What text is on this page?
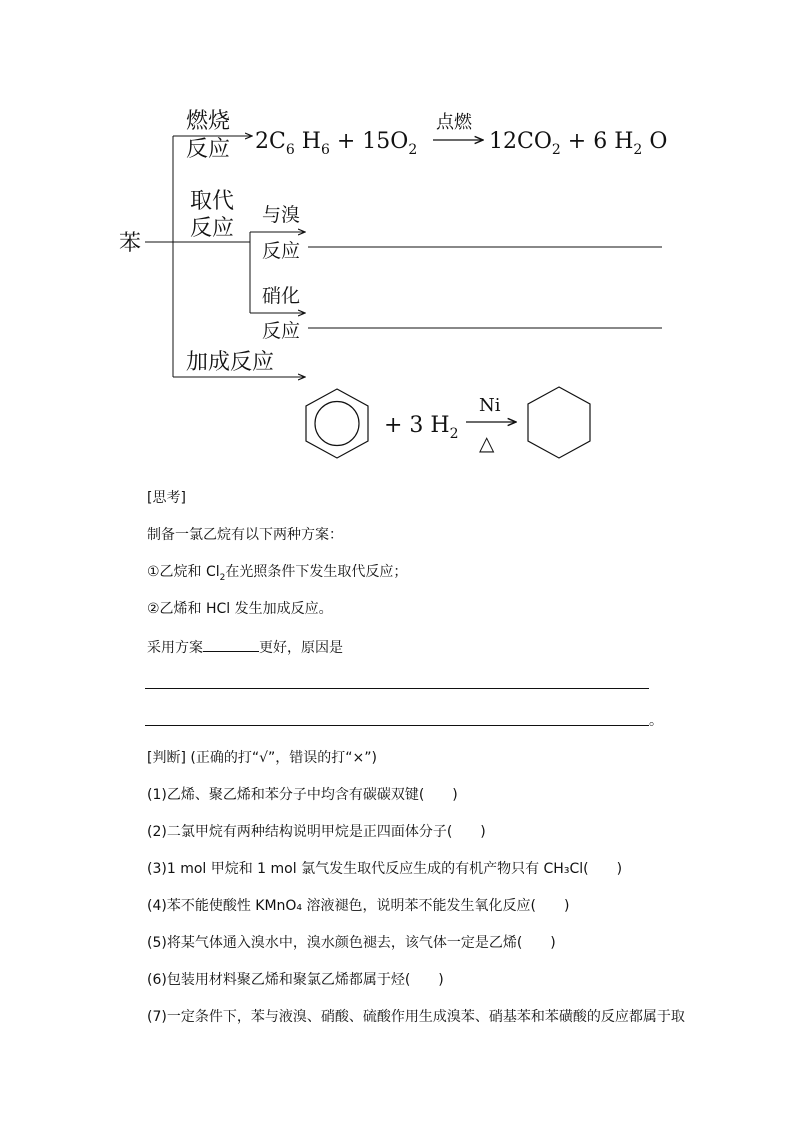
苯
燃烧
反应 $2C_6$ $H_6 + 15O_2$
点燃
$12CO_2 + 6$ $H_2$ O
取代
反应
与溴
反应
硝化
反应
加成反应
+ 3 $H_2$
Ni
△
[思考]
制备一氯乙烷有以下两种方案：
①乙烷和 $Cl_2$在光照条件下发生取代反应；
②乙烯和 HCl 发生加成反应。
采用方案	更好，原因是
。
[判断] (正确的打“√”，错误的打“×”)
(1)乙烯、聚乙烯和苯分子中均含有碳碳双键(　　)
(2)二氯甲烷有两种结构说明甲烷是正四面体分子(　　)
(3)1 mol 甲烷和 1 mol 氯气发生取代反应生成的有机产物只有 CH₃Cl(　　)
(4)苯不能使酸性 KMnO₄ 溶液褪色，说明苯不能发生氧化反应(　　)
(5)将某气体通入溴水中，溴水颜色褪去，该气体一定是乙烯(　　)
(6)包装用材料聚乙烯和聚氯乙烯都属于烃(　　)
(7)一定条件下，苯与液溴、硝酸、硫酸作用生成溴苯、硝基苯和苯磺酸的反应都属于取
